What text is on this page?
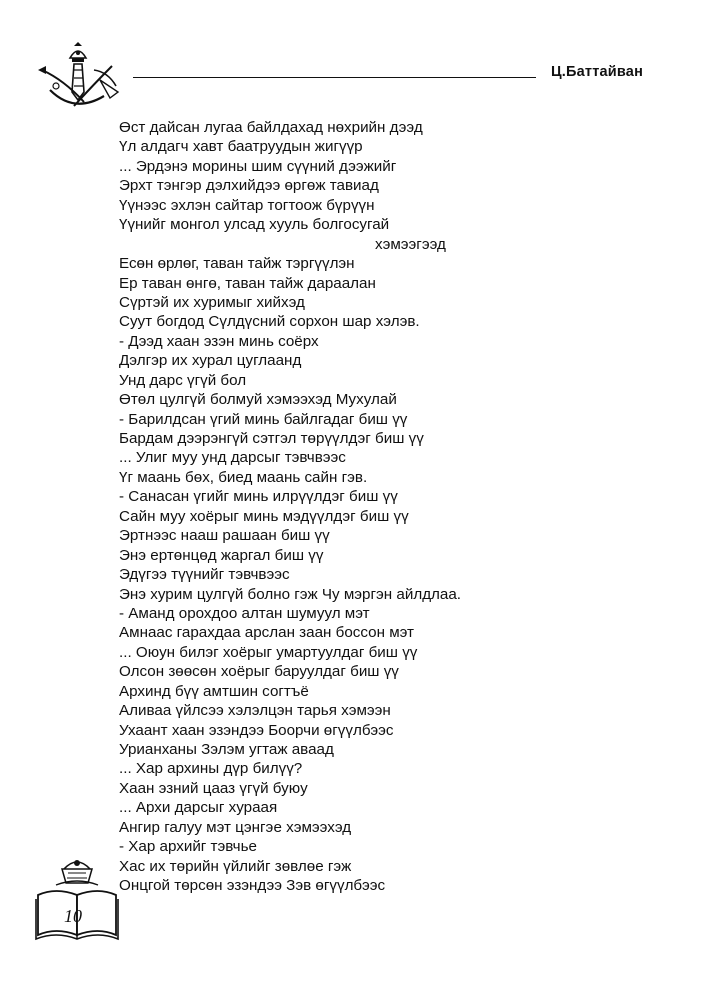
Ц.Баттайван
Өст дайсан лугаа байлдахад нөхрийн дээд
Үл алдагч хавт баатруудын жигүүр
... Эрдэнэ морины шим сүүний дээжийг
Эрхт тэнгэр дэлхийдээ өргөж тавиад
Үүнээс эхлэн сайтар тогтоож бүрүүн
Үүнийг монгол улсад хууль болгосугай
хэмээгээд
Есөн өрлөг, таван тайж тэргүүлэн
Ер таван өнгө, таван тайж дараалан
Сүртэй их хуримыг хийхэд
Суут богдод Сүлдүсний сорхон шар хэлэв.
- Дээд хаан эзэн минь соёрх
Дэлгэр их хурал цуглаанд
Унд дарс үгүй бол
Өтөл цулгүй болмуй хэмээхэд Мухулай
- Барилдсан үгий минь байлгадаг биш үү
Бардам дээрэнгүй сэтгэл төрүүлдэг биш үү
... Улиг муу унд дарсыг тэвчвээс
Үг маань бөх, биед маань сайн гэв.
- Санасан үгийг минь илрүүлдэг биш үү
Сайн муу хоёрыг минь мэдүүлдэг биш үү
Эртнээс нааш рашаан биш үү
Энэ ертөнцөд жаргал биш үү
Эдүгээ түүнийг тэвчвээс
Энэ хурим цулгүй болно гэж Чу мэргэн айлдлаа.
- Аманд орохдоо алтан шумуул мэт
Амнаас гарахдаа арслан заан боссон мэт
... Оюун билэг хоёрыг умартуулдаг биш үү
Олсон зөөсөн хоёрыг баруулдаг биш үү
Архинд бүү амтшин согтъё
Аливаа үйлсээ хэлэлцэн тарья хэмээн
Ухаант хаан эзэндээ Боорчи өгүүлбээс
Урианханы Зэлэм угтаж аваад
... Хар архины дүр билүү?
Хаан эзний цааз үгүй буюу
... Архи дарсыг хураая
Ангир галуу мэт цэнгэе хэмээхэд
- Хар архийг тэвчье
Хас их төрийн үйлийг зөвлөе гэж
Онцгой төрсөн эзэндээ Зэв өгүүлбээс
10
